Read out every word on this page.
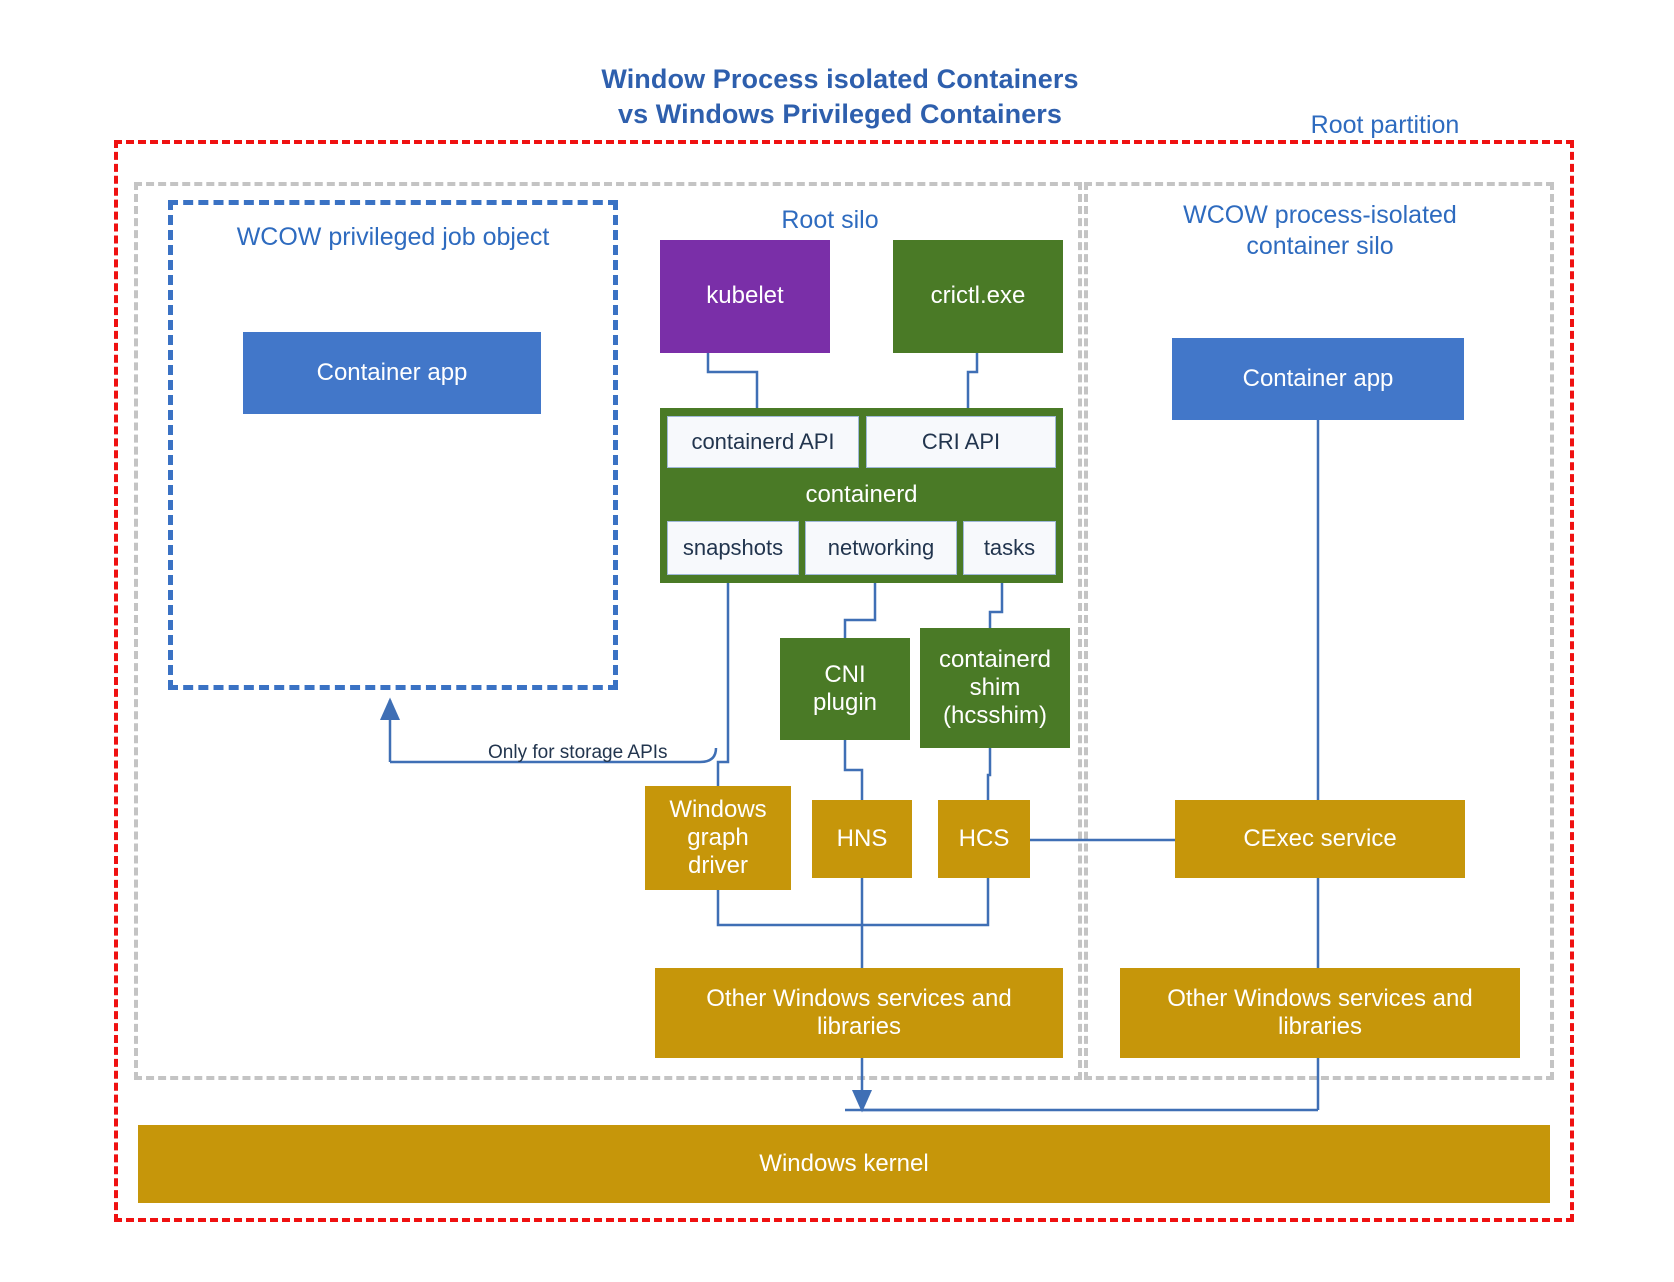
Window Process isolated Containers
vs Windows Privileged Containers	Root partition
WCOW privileged job object
Root silo	WCOW process-isolated
container silo
Container app
kubelet	crictl.exe
containerd
containerd API	CRI API
snapshots	networking	tasks
CNI
plugin
containerd
shim
(hcsshim)
Only for storage APIs
Windows
graph
driver
HNS	HCS	CExec service
Other Windows services and
libraries
Other Windows services and
libraries
Container app
Windows kernel
